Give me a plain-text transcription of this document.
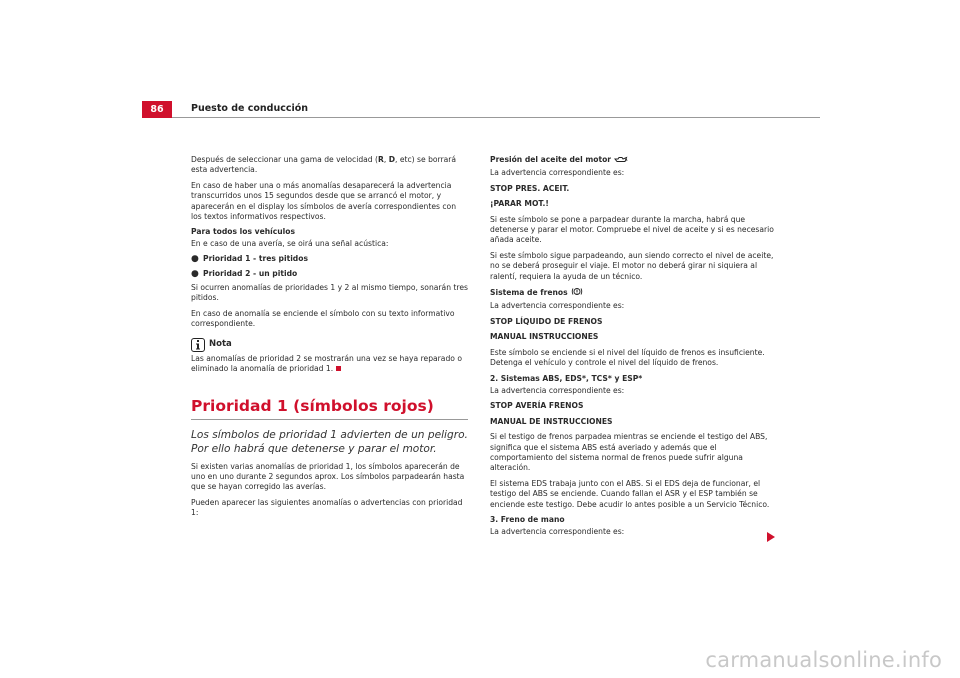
86	Puesto de conducción

Después de seleccionar una gama de velocidad (R, D, etc) se borrará esta advertencia.

En caso de haber una o más anomalías desaparecerá la advertencia transcurridos unos 15 segundos desde que se arrancó el motor, y aparecerán en el display los símbolos de avería correspondientes con los textos informativos respectivos.

Para todos los vehículos

En e caso de una avería, se oirá una señal acústica:

● Prioridad 1 - tres pitidos
● Prioridad 2 - un pitido

Si ocurren anomalías de prioridades 1 y 2 al mismo tiempo, sonarán tres pitidos.

En caso de anomalía se enciende el símbolo con su texto informativo correspondiente.

Nota

Las anomalías de prioridad 2 se mostrarán una vez se haya reparado o eliminado la anomalía de prioridad 1.

Prioridad 1 (símbolos rojos)
Los símbolos de prioridad 1 advierten de un peligro. Por ello habrá que detenerse y parar el motor.

Si existen varias anomalías de prioridad 1, los símbolos aparecerán de uno en uno durante 2 segundos aprox. Los símbolos parpadearán hasta que se hayan corregido las averías.

Pueden aparecer las siguientes anomalías o advertencias con prioridad 1:

Presión del aceite del motor

La advertencia correspondiente es:

STOP PRES. ACEIT.

¡PARAR MOT.!

Si este símbolo se pone a parpadear durante la marcha, habrá que detenerse y parar el motor. Compruebe el nivel de aceite y si es necesario añada aceite.

Si este símbolo sigue parpadeando, aun siendo correcto el nivel de aceite, no se deberá proseguir el viaje. El motor no deberá girar ni siquiera al ralentí, requiera la ayuda de un técnico.

Sistema de frenos

La advertencia correspondiente es:

STOP LÍQUIDO DE FRENOS

MANUAL INSTRUCCIONES

Este símbolo se enciende si el nivel del líquido de frenos es insuficiente. Detenga el vehículo y controle el nivel del líquido de frenos.

2. Sistemas ABS, EDS*, TCS* y ESP*

La advertencia correspondiente es:

STOP AVERÍA FRENOS

MANUAL DE INSTRUCCIONES

Si el testigo de frenos parpadea mientras se enciende el testigo del ABS, significa que el sistema ABS está averiado y además que el comportamiento del sistema normal de frenos puede sufrir alguna alteración.

El sistema EDS trabaja junto con el ABS. Si el EDS deja de funcionar, el testigo del ABS se enciende. Cuando fallan el ASR y el ESP también se enciende este testigo. Debe acudir lo antes posible a un Servicio Técnico.

3. Freno de mano

La advertencia correspondiente es:

carmanualsonline.info
